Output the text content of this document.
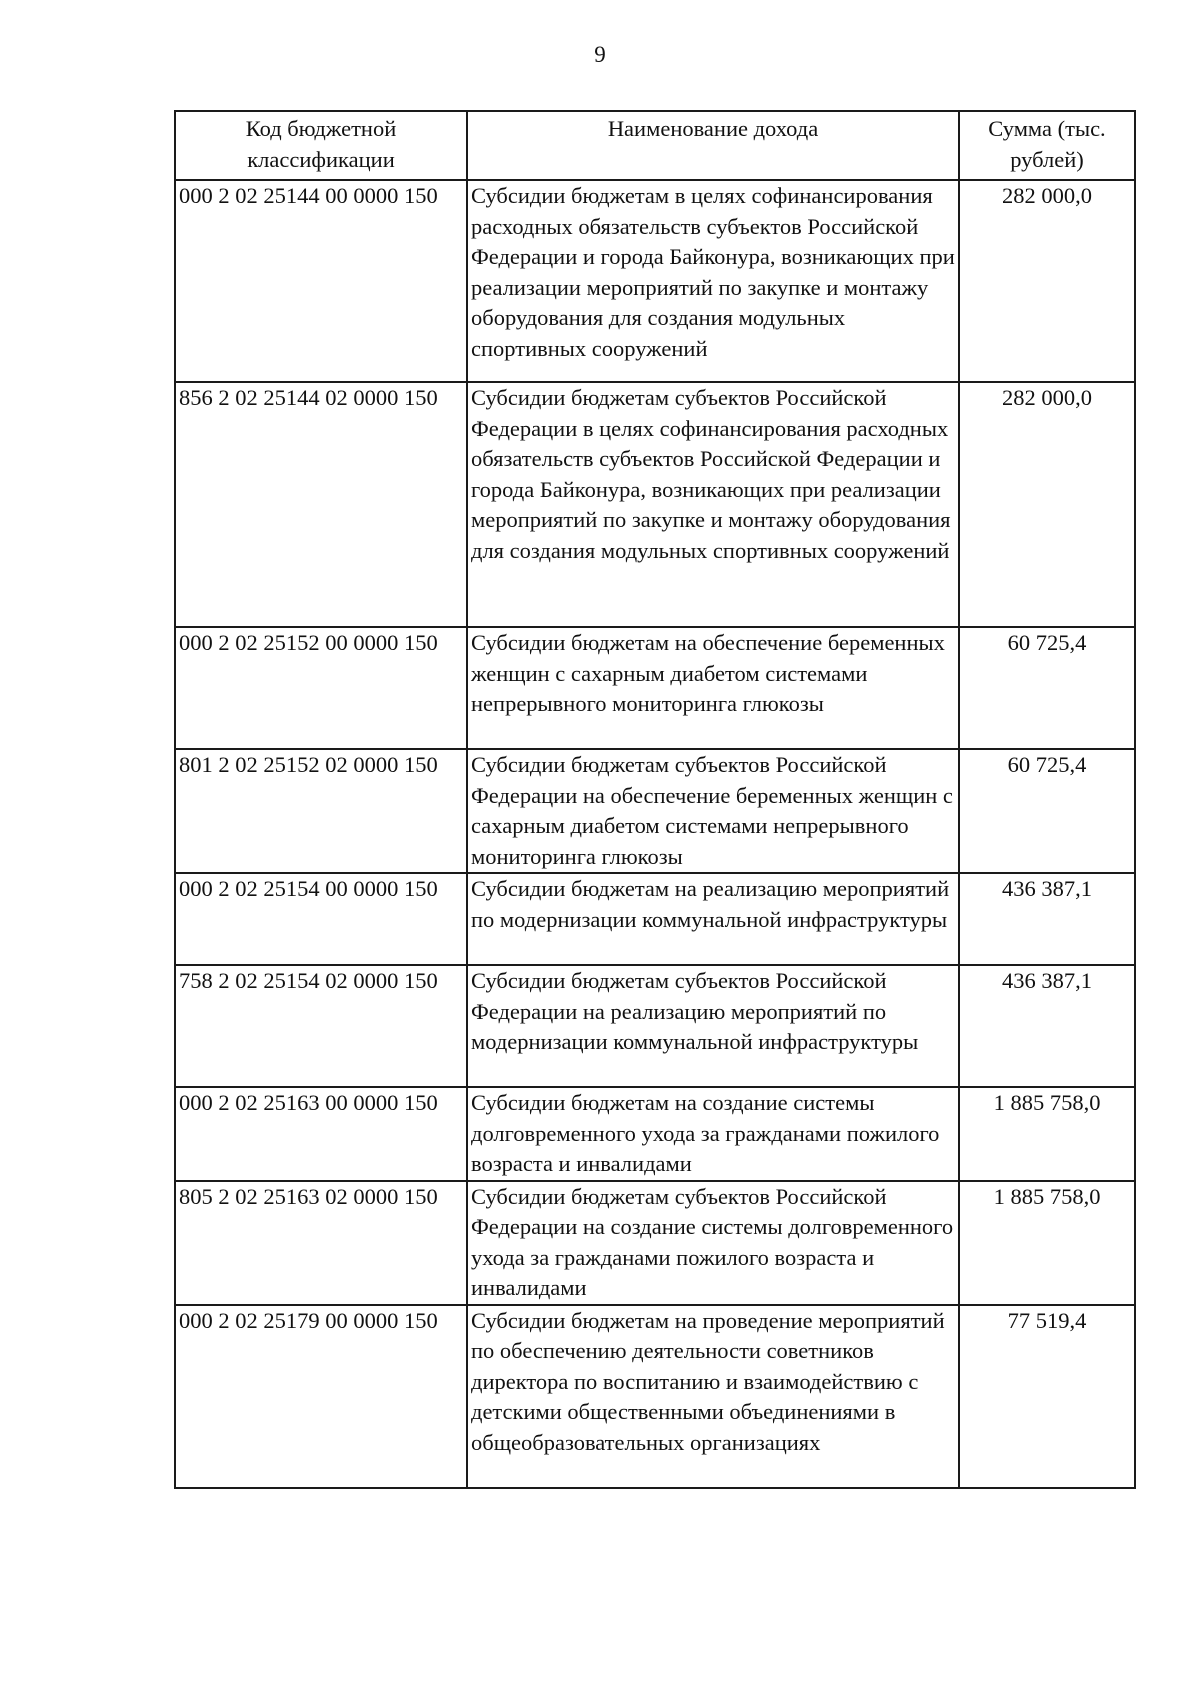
9
Код бюджетной классификации	Наименование дохода	Сумма (тыс. рублей)
000 2 02 25144 00 0000 150	Субсидии бюджетам в целях софинансирования расходных обязательств субъектов Российской Федерации и города Байконура, возникающих при реализации мероприятий по закупке и монтажу оборудования для создания модульных спортивных сооружений	282 000,0
856 2 02 25144 02 0000 150	Субсидии бюджетам субъектов Российской Федерации в целях софинансирования расходных обязательств субъектов Российской Федерации и города Байконура, возникающих при реализации мероприятий по закупке и монтажу оборудования для создания модульных спортивных сооружений	282 000,0
000 2 02 25152 00 0000 150	Субсидии бюджетам на обеспечение беременных женщин с сахарным диабетом системами непрерывного мониторинга глюкозы	60 725,4
801 2 02 25152 02 0000 150	Субсидии бюджетам субъектов Российской Федерации на обеспечение беременных женщин с сахарным диабетом системами непрерывного мониторинга глюкозы	60 725,4
000 2 02 25154 00 0000 150	Субсидии бюджетам на реализацию мероприятий по модернизации коммунальной инфраструктуры	436 387,1
758 2 02 25154 02 0000 150	Субсидии бюджетам субъектов Российской Федерации на реализацию мероприятий по модернизации коммунальной инфраструктуры	436 387,1
000 2 02 25163 00 0000 150	Субсидии бюджетам на создание системы долговременного ухода за гражданами пожилого возраста и инвалидами	1 885 758,0
805 2 02 25163 02 0000 150	Субсидии бюджетам субъектов Российской Федерации на создание системы долговременного ухода за гражданами пожилого возраста и инвалидами	1 885 758,0
000 2 02 25179 00 0000 150	Субсидии бюджетам на проведение мероприятий по обеспечению деятельности советников директора по воспитанию и взаимодействию с детскими общественными объединениями в общеобразовательных организациях	77 519,4
